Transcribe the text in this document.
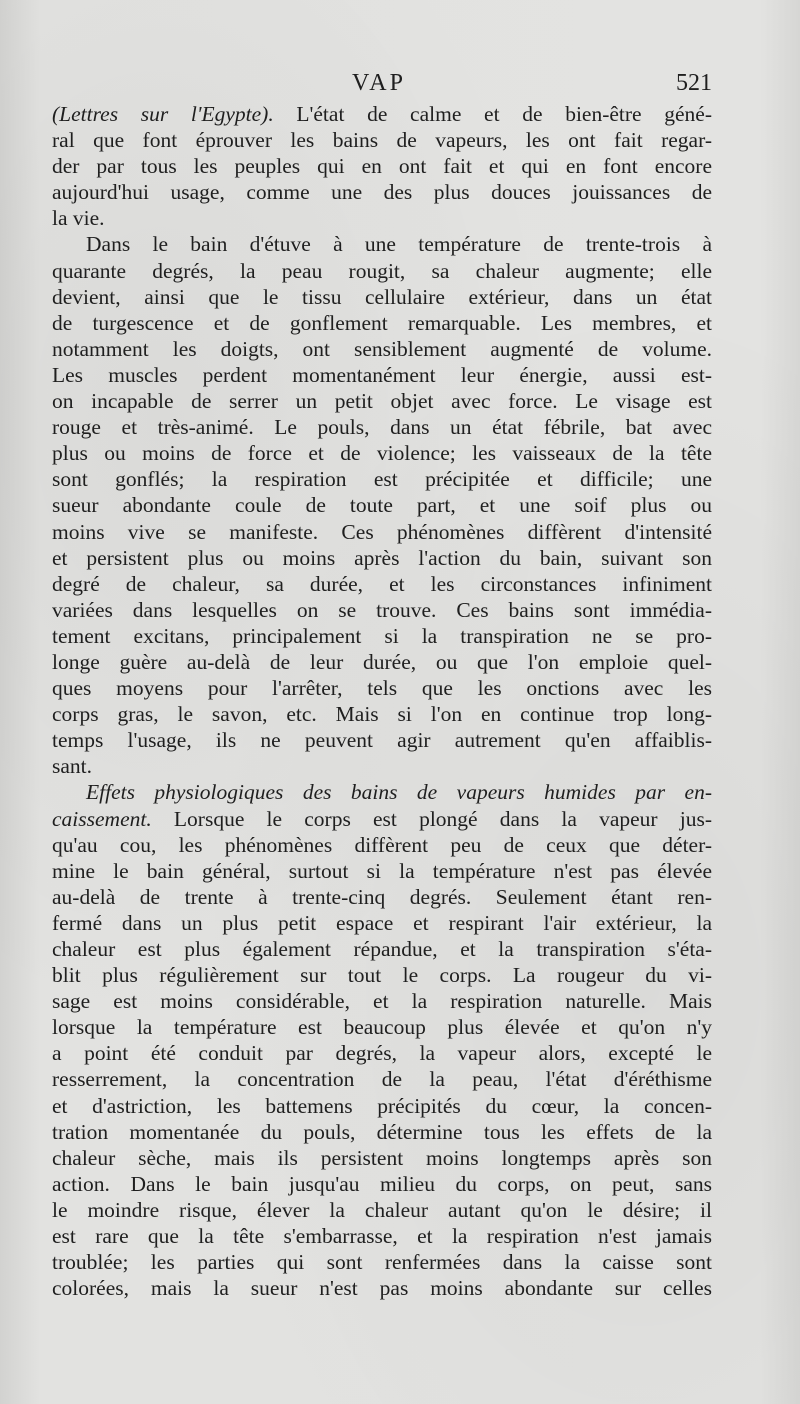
VAP	521
(Lettres sur l'Egypte). L'état de calme et de bien-être géné-
ral que font éprouver les bains de vapeurs, les ont fait regar-
der par tous les peuples qui en ont fait et qui en font encore
aujourd'hui usage, comme une des plus douces jouissances de
la vie.
Dans le bain d'étuve à une température de trente-trois à
quarante degrés, la peau rougit, sa chaleur augmente; elle
devient, ainsi que le tissu cellulaire extérieur, dans un état
de turgescence et de gonflement remarquable. Les membres, et
notamment les doigts, ont sensiblement augmenté de volume.
Les muscles perdent momentanément leur énergie, aussi est-
on incapable de serrer un petit objet avec force. Le visage est
rouge et très-animé. Le pouls, dans un état fébrile, bat avec
plus ou moins de force et de violence; les vaisseaux de la tête
sont gonflés; la respiration est précipitée et difficile; une
sueur abondante coule de toute part, et une soif plus ou
moins vive se manifeste. Ces phénomènes diffèrent d'intensité
et persistent plus ou moins après l'action du bain, suivant son
degré de chaleur, sa durée, et les circonstances infiniment
variées dans lesquelles on se trouve. Ces bains sont immédia-
tement excitans, principalement si la transpiration ne se pro-
longe guère au-delà de leur durée, ou que l'on emploie quel-
ques moyens pour l'arrêter, tels que les onctions avec les
corps gras, le savon, etc. Mais si l'on en continue trop long-
temps l'usage, ils ne peuvent agir autrement qu'en affaiblis-
sant.
Effets physiologiques des bains de vapeurs humides par en-
caissement. Lorsque le corps est plongé dans la vapeur jus-
qu'au cou, les phénomènes diffèrent peu de ceux que déter-
mine le bain général, surtout si la température n'est pas élevée
au-delà de trente à trente-cinq degrés. Seulement étant ren-
fermé dans un plus petit espace et respirant l'air extérieur, la
chaleur est plus également répandue, et la transpiration s'éta-
blit plus régulièrement sur tout le corps. La rougeur du vi-
sage est moins considérable, et la respiration naturelle. Mais
lorsque la température est beaucoup plus élevée et qu'on n'y
a point été conduit par degrés, la vapeur alors, excepté le
resserrement, la concentration de la peau, l'état d'éréthisme
et d'astriction, les battemens précipités du cœur, la concen-
tration momentanée du pouls, détermine tous les effets de la
chaleur sèche, mais ils persistent moins longtemps après son
action. Dans le bain jusqu'au milieu du corps, on peut, sans
le moindre risque, élever la chaleur autant qu'on le désire; il
est rare que la tête s'embarrasse, et la respiration n'est jamais
troublée; les parties qui sont renfermées dans la caisse sont
colorées, mais la sueur n'est pas moins abondante sur celles
